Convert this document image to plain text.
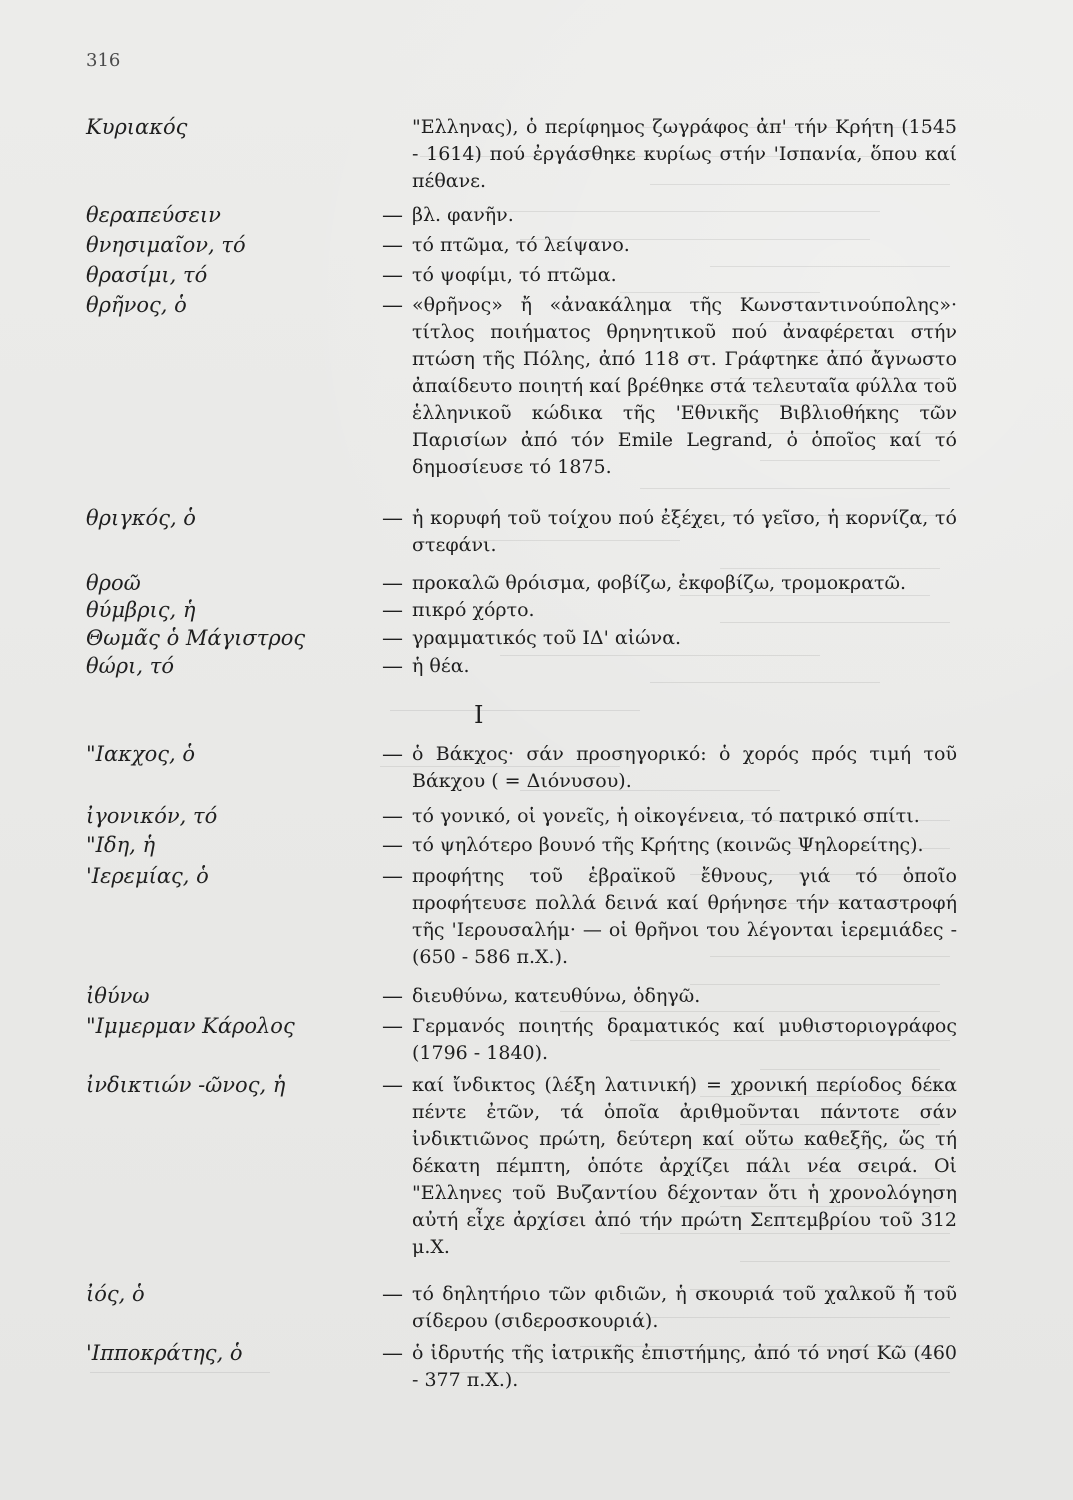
316
Κυριακός	"Ελληνας), ὁ περίφημος ζωγράφος ἀπ' τήν Κρήτη (1545 - 1614) πού ἐργάσθηκε κυρίως στήν 'Ισπανία, ὅπου καί πέθανε.
θεραπεύσειν	— βλ. φανῆν.
θνησιμαῖον, τό	— τό πτῶμα, τό λείψανο.
θρασίμι, τό	— τό ψοφίμι, τό πτῶμα.
θρῆνος, ὁ	— «θρῆνος» ἤ «ἀνακάλημα τῆς Κωνσταντινούπολης»· τίτλος ποιήματος θρηνητικοῦ πού ἀναφέρεται στήν πτώση τῆς Πόλης, ἀπό 118 στ. Γράφτηκε ἀπό ἄγνωστο ἀπαίδευτο ποιητή καί βρέθηκε στά τελευταῖα φύλλα τοῦ ἑλληνικοῦ κώδικα τῆς 'Εθνικῆς Βιβλιοθήκης τῶν Παρισίων ἀπό τόν Emile Legrand, ὁ ὁποῖος καί τό δημοσίευσε τό 1875.
θριγκός, ὁ	— ἡ κορυφή τοῦ τοίχου πού ἐξέχει, τό γεῖσο, ἡ κορνίζα, τό στεφάνι.
θροῶ	— προκαλῶ θρόισμα, φοβίζω, ἐκφοβίζω, τρομοκρατῶ.
θύμβρις, ἡ	— πικρό χόρτο.
Θωμᾶς ὁ Μάγιστρος	— γραμματικός τοῦ ΙΔ' αἰώνα.
θώρι, τό	— ἡ θέα.
Ι
"Ιακχος, ὁ	— ὁ Βάκχος· σάν προσηγορικό: ὁ χορός πρός τιμή τοῦ Βάκχου ( = Διόνυσου).
ἰγονικόν, τό	— τό γονικό, οἱ γονεῖς, ἡ οἰκογένεια, τό πατρικό σπίτι.
"Ιδη, ἡ	— τό ψηλότερο βουνό τῆς Κρήτης (κοινῶς Ψηλορείτης).
'Ιερεμίας, ὁ	— προφήτης τοῦ ἑβραϊκοῦ ἔθνους, γιά τό ὁποῖο προφήτευσε πολλά δεινά καί θρήνησε τήν καταστροφή τῆς 'Ιερουσαλήμ· — οἱ θρῆνοι του λέγονται ἱερεμιάδες - (650 - 586 π.Χ.).
ἰθύνω	— διευθύνω, κατευθύνω, ὁδηγῶ.
"Ιμμερμαν Κάρολος	— Γερμανός ποιητής δραματικός καί μυθιστοριογράφος (1796 - 1840).
ἰνδικτιών -ῶνος, ἡ	— καί ἴνδικτος (λέξη λατινική) = χρονική περίοδος δέκα πέντε ἐτῶν, τά ὁποῖα ἀριθμοῦνται πάντοτε σάν ἰνδικτιῶνος πρώτη, δεύτερη καί οὕτω καθεξῆς, ὥς τή δέκατη πέμπτη, ὁπότε ἀρχίζει πάλι νέα σειρά. Οἱ "Ελληνες τοῦ Βυζαντίου δέχονταν ὅτι ἡ χρονολόγηση αὐτή εἶχε ἀρχίσει ἀπό τήν πρώτη Σεπτεμβρίου τοῦ 312 μ.Χ.
ἰός, ὁ	— τό δηλητήριο τῶν φιδιῶν, ἡ σκουριά τοῦ χαλκοῦ ἤ τοῦ σίδερου (σιδεροσκουριά).
'Ιπποκράτης, ὁ	— ὁ ἱδρυτής τῆς ἰατρικῆς ἐπιστήμης, ἀπό τό νησί Κῶ (460 - 377 π.Χ.).
